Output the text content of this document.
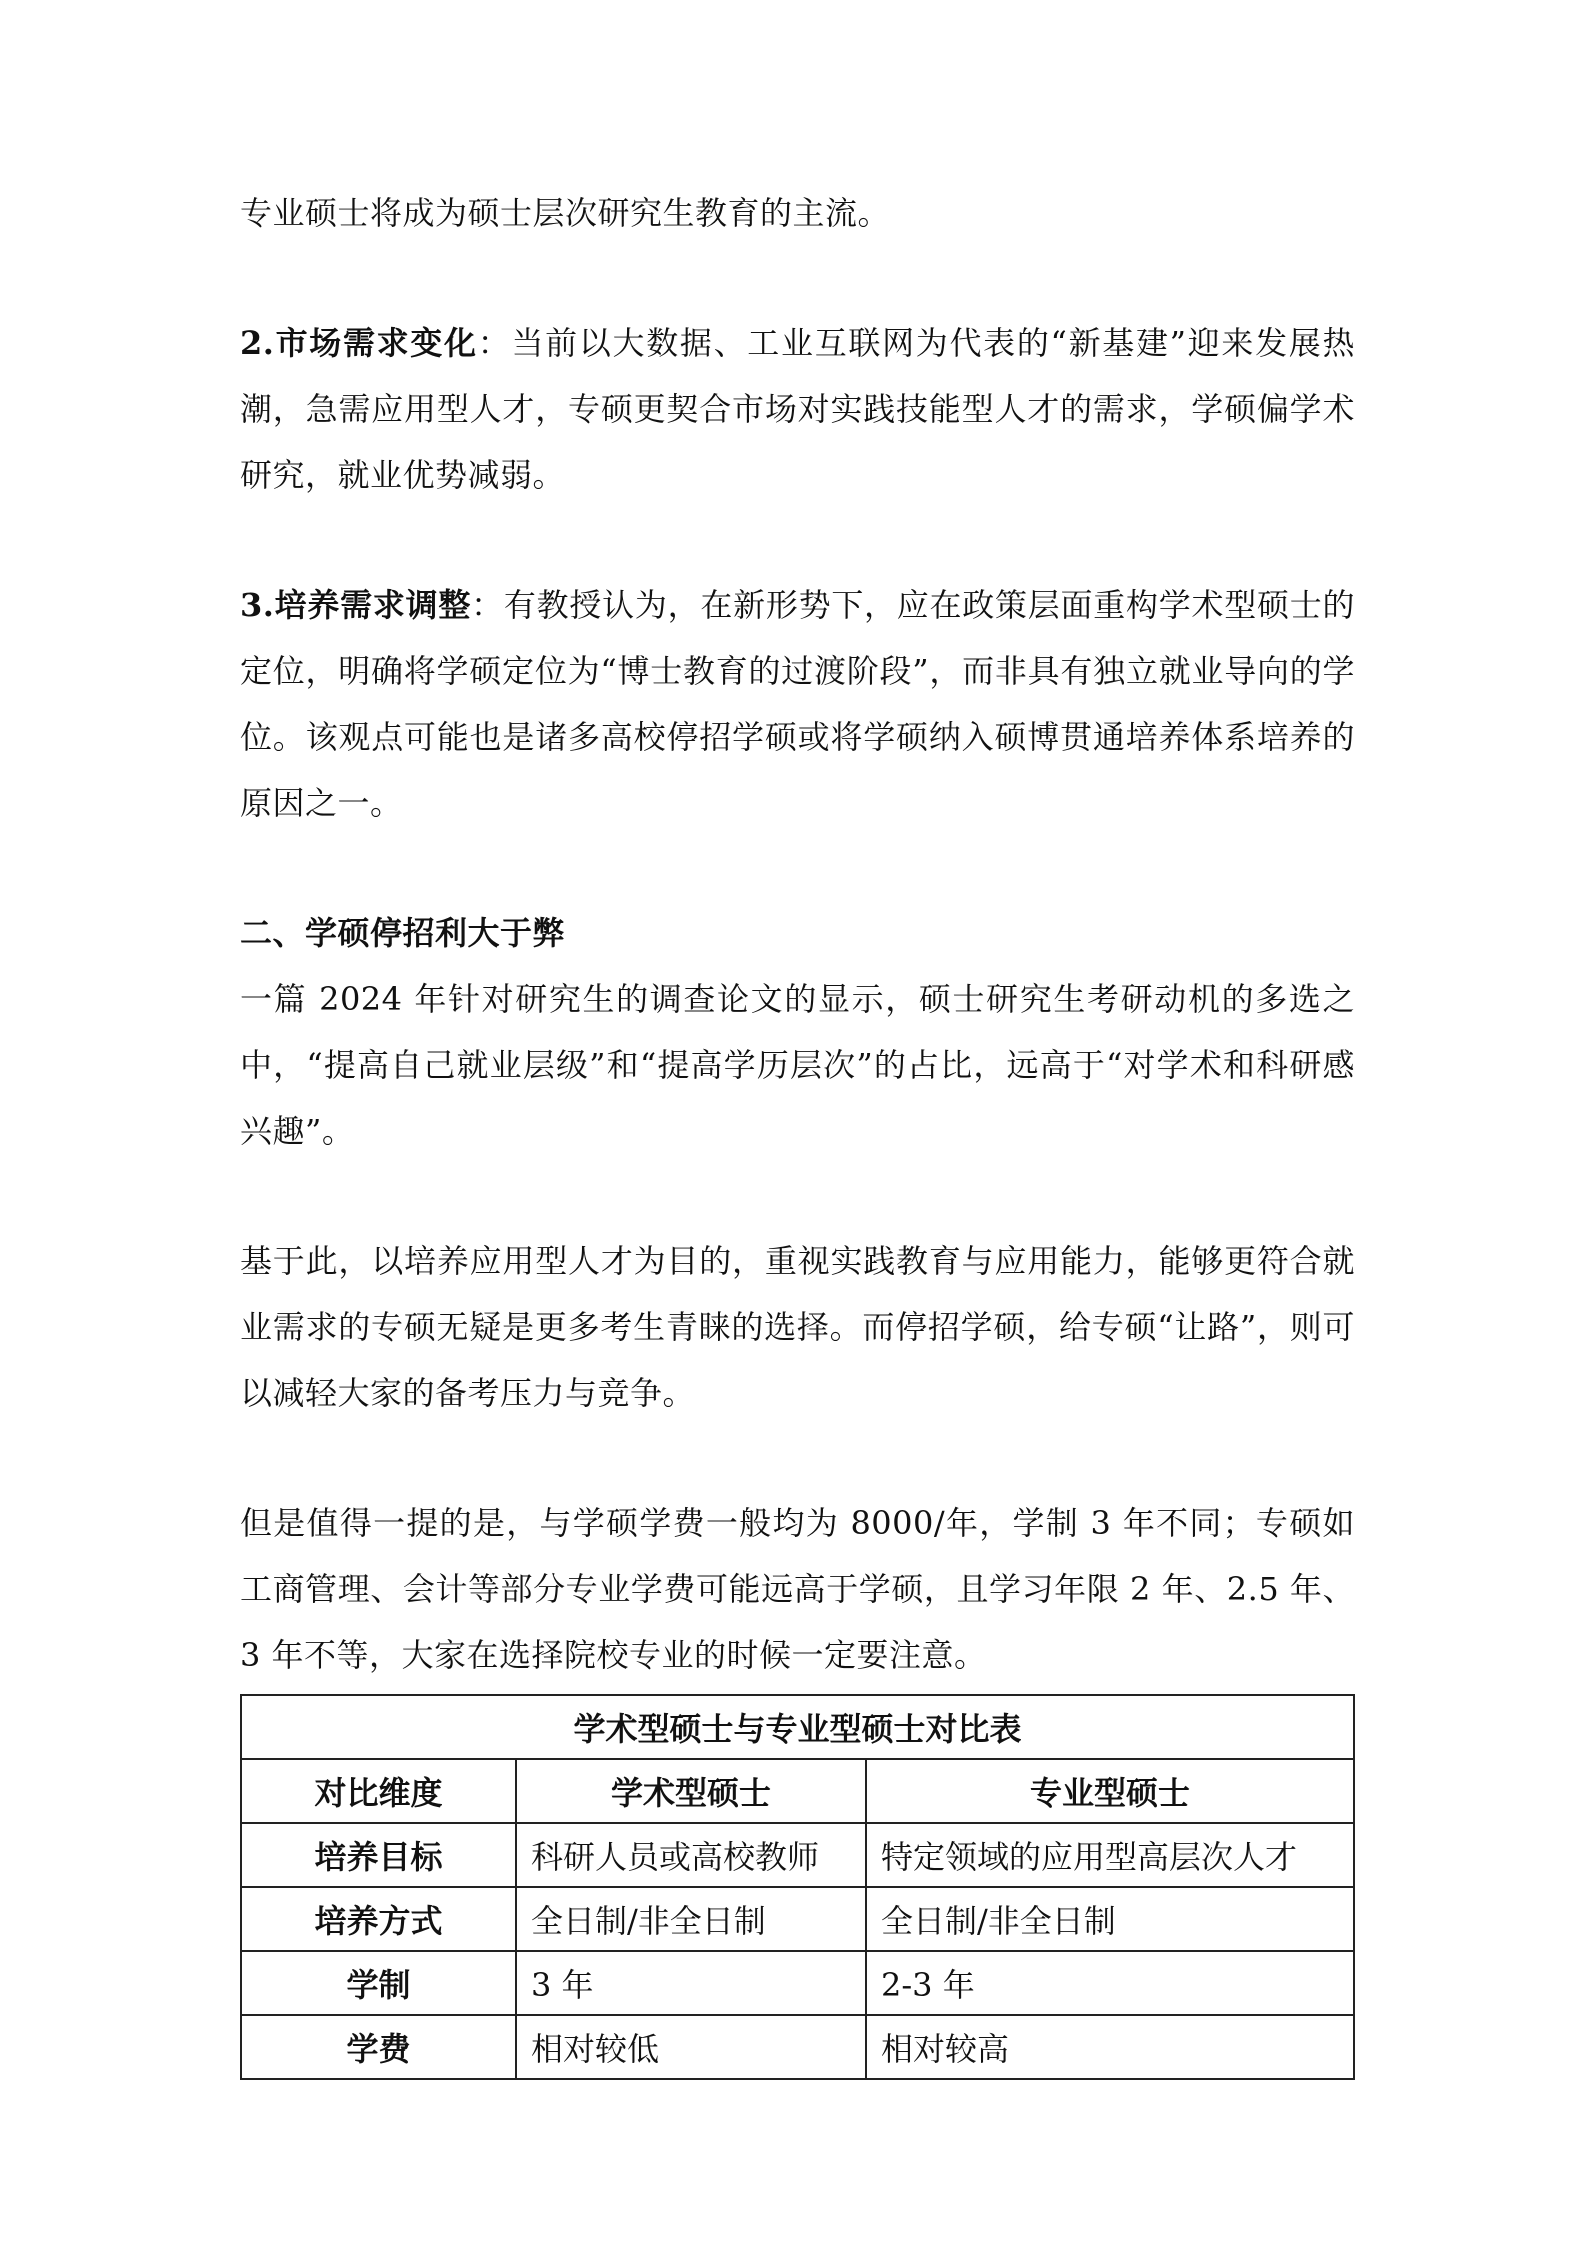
专业硕士将成为硕士层次研究生教育的主流。

2.市场需求变化：当前以大数据、工业互联网为代表的“新基建”迎来发展热潮，急需应用型人才，专硕更契合市场对实践技能型人才的需求，学硕偏学术研究，就业优势减弱。

3.培养需求调整：有教授认为，在新形势下，应在政策层面重构学术型硕士的定位，明确将学硕定位为“博士教育的过渡阶段”，而非具有独立就业导向的学位。该观点可能也是诸多高校停招学硕或将学硕纳入硕博贯通培养体系培养的原因之一。

二、学硕停招利大于弊

一篇 2024 年针对研究生的调查论文的显示，硕士研究生考研动机的多选之中，“提高自己就业层级”和“提高学历层次”的占比，远高于“对学术和科研感兴趣”。

基于此，以培养应用型人才为目的，重视实践教育与应用能力，能够更符合就业需求的专硕无疑是更多考生青睐的选择。而停招学硕，给专硕“让路”，则可以减轻大家的备考压力与竞争。

但是值得一提的是，与学硕学费一般均为 8000/年，学制 3 年不同；专硕如工商管理、会计等部分专业学费可能远高于学硕，且学习年限 2 年、2.5 年、3 年不等，大家在选择院校专业的时候一定要注意。

学术型硕士与专业型硕士对比表		
对比维度	学术型硕士	专业型硕士
培养目标	科研人员或高校教师	特定领域的应用型高层次人才
培养方式	全日制/非全日制	全日制/非全日制
学制	3 年	2-3 年
学费	相对较低	相对较高
